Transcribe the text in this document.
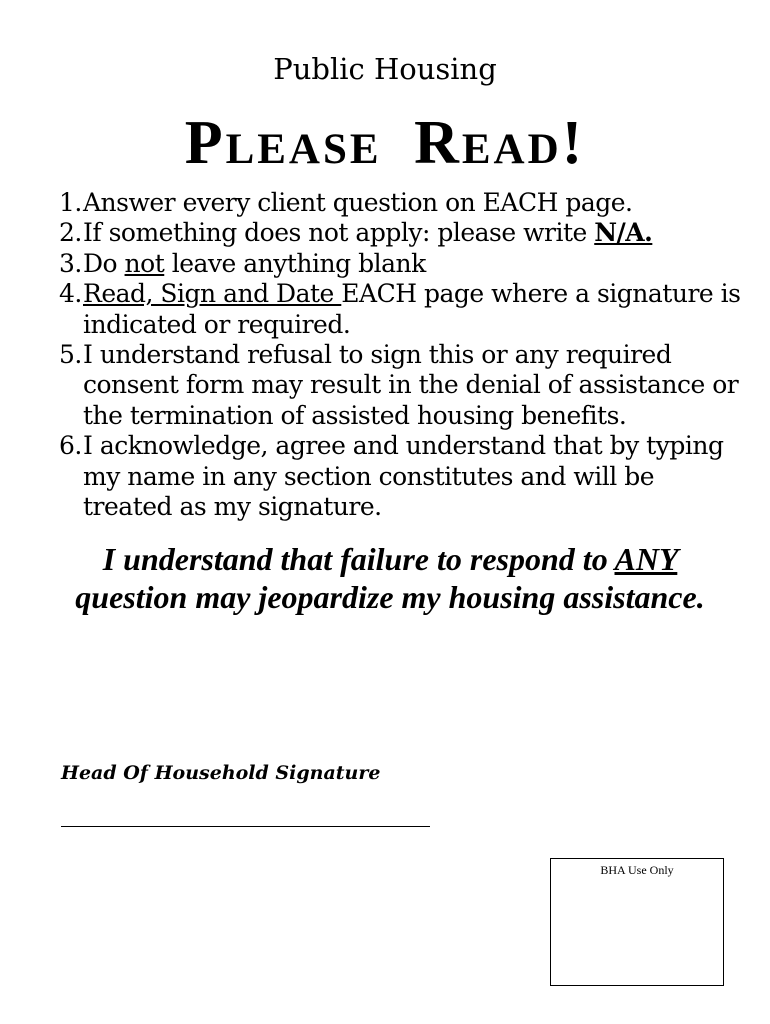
Public Housing
Please Read!
1. Answer every client question on EACH page.
2. If something does not apply: please write N/A.
3. Do not leave anything blank
4. Read, Sign and Date EACH page where a signature is indicated or required.
5. I understand refusal to sign this or any required consent form may result in the denial of assistance or the termination of assisted housing benefits.
6. I acknowledge, agree and understand that by typing my name in any section constitutes and will be treated as my signature.
I understand that failure to respond to ANY question may jeopardize my housing assistance.
Head Of Household Signature
BHA Use Only
